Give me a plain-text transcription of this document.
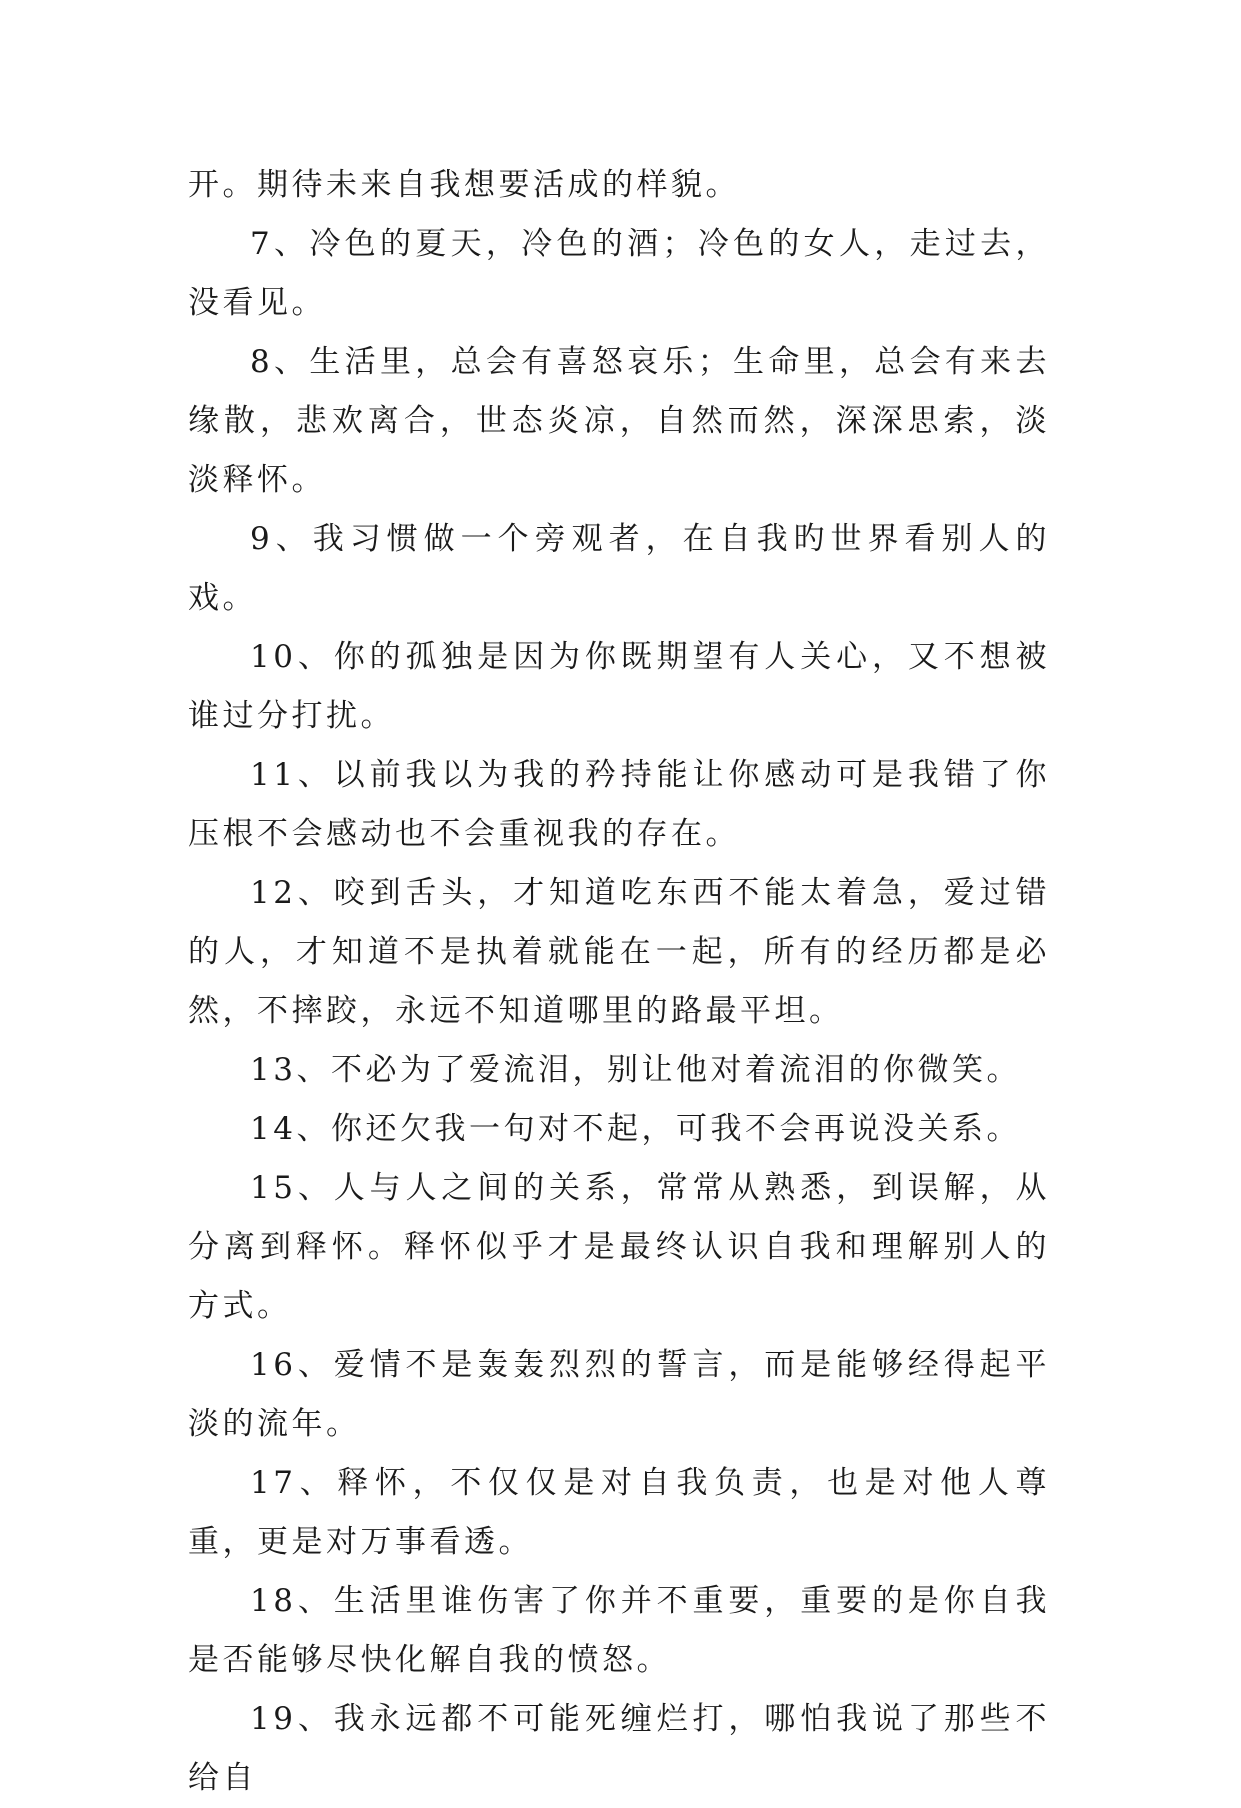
开。期待未来自我想要活成的样貌。

7、冷色的夏天，冷色的酒；冷色的女人，走过去，没看见。

8、生活里，总会有喜怒哀乐；生命里，总会有来去缘散，悲欢离合，世态炎凉，自然而然，深深思索，淡淡释怀。

9、我习惯做一个旁观者，在自我旳世界看别人的戏。

10、你的孤独是因为你既期望有人关心，又不想被谁过分打扰。

11、以前我以为我的矜持能让你感动可是我错了你压根不会感动也不会重视我的存在。

12、咬到舌头，才知道吃东西不能太着急，爱过错的人，才知道不是执着就能在一起，所有的经历都是必然，不摔跤，永远不知道哪里的路最平坦。

13、不必为了爱流泪，别让他对着流泪的你微笑。

14、你还欠我一句对不起，可我不会再说没关系。

15、人与人之间的关系，常常从熟悉，到误解，从分离到释怀。释怀似乎才是最终认识自我和理解别人的方式。

16、爱情不是轰轰烈烈的誓言，而是能够经得起平淡的流年。

17、释怀，不仅仅是对自我负责，也是对他人尊重，更是对万事看透。

18、生活里谁伤害了你并不重要，重要的是你自我是否能够尽快化解自我的愤怒。

19、我永远都不可能死缠烂打，哪怕我说了那些不给自
